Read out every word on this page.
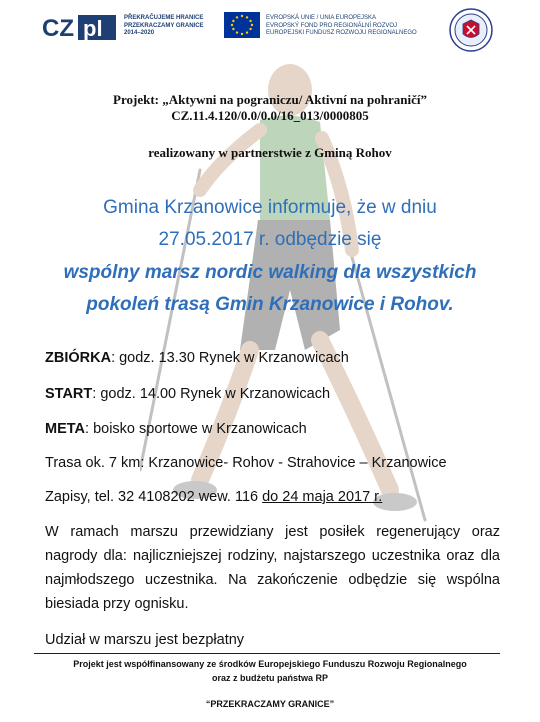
CZ pl	PŘEKRAČUJEME HRANICE
PRZEKRACZAMY GRANICE
2014–2020
EVROPSKÁ UNIE / UNIA EUROPEJSKA
EVROPSKÝ FOND PRO REGIONÁLNÍ ROZVOJ
EUROPEJSKI FUNDUSZ ROZWOJU REGIONALNEGO
Projekt: „Aktywni na pograniczu/ Aktivní na pohraničí”
CZ.11.4.120/0.0/0.0/16_013/0000805
realizowany w partnerstwie z Gminą Rohov
Gmina Krzanowice informuje, że w dniu
27.05.2017 r. odbędzie się
wspólny marsz nordic walking dla wszystkich
pokoleń trasą Gmin Krzanowice i Rohov.
ZBIÓRKA: godz. 13.30 Rynek w Krzanowicach
START: godz. 14.00 Rynek w Krzanowicach
META: boisko sportowe w Krzanowicach
Trasa ok. 7 km: Krzanowice- Rohov - Strahovice – Krzanowice
Zapisy, tel. 32 4108202 wew. 116 do 24 maja 2017 r.
W ramach marszu przewidziany jest posiłek regenerujący oraz nagrody dla: najliczniejszej rodziny, najstarszego uczestnika oraz dla najmłodszego uczestnika. Na zakończenie odbędzie się wspólna biesiada przy ognisku.
Udział w marszu jest bezpłatny
Projekt jest współfinansowany ze środków Europejskiego Funduszu Rozwoju Regionalnego
oraz z budżetu państwa RP
“PRZEKRACZAMY GRANICE”
